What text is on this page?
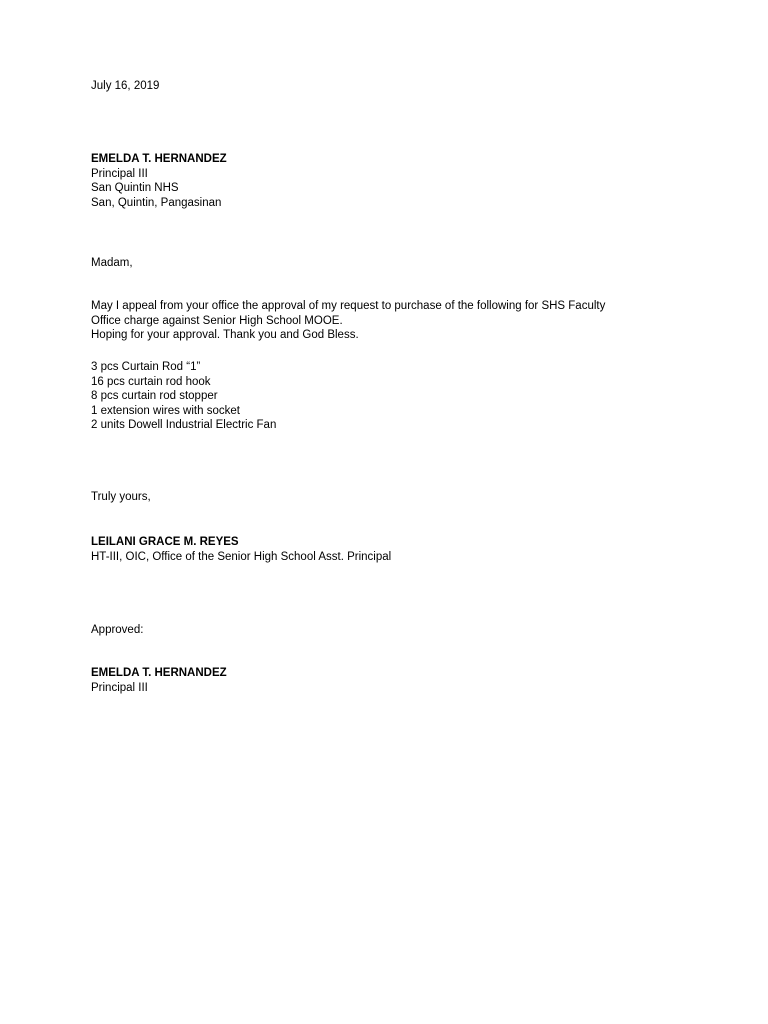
July 16, 2019
EMELDA T. HERNANDEZ
Principal III
San Quintin NHS
San, Quintin, Pangasinan
Madam,
May I appeal from your office the approval of my request to purchase of the following for SHS Faculty
Office charge against Senior High School MOOE.
Hoping for your approval. Thank you and God Bless.
3 pcs Curtain Rod “1”
16 pcs curtain rod hook
8 pcs curtain rod stopper
1 extension wires with socket
2 units Dowell Industrial Electric Fan
Truly yours,
LEILANI GRACE M. REYES
HT-III, OIC, Office of the Senior High School Asst. Principal
Approved:
EMELDA T. HERNANDEZ
Principal III
